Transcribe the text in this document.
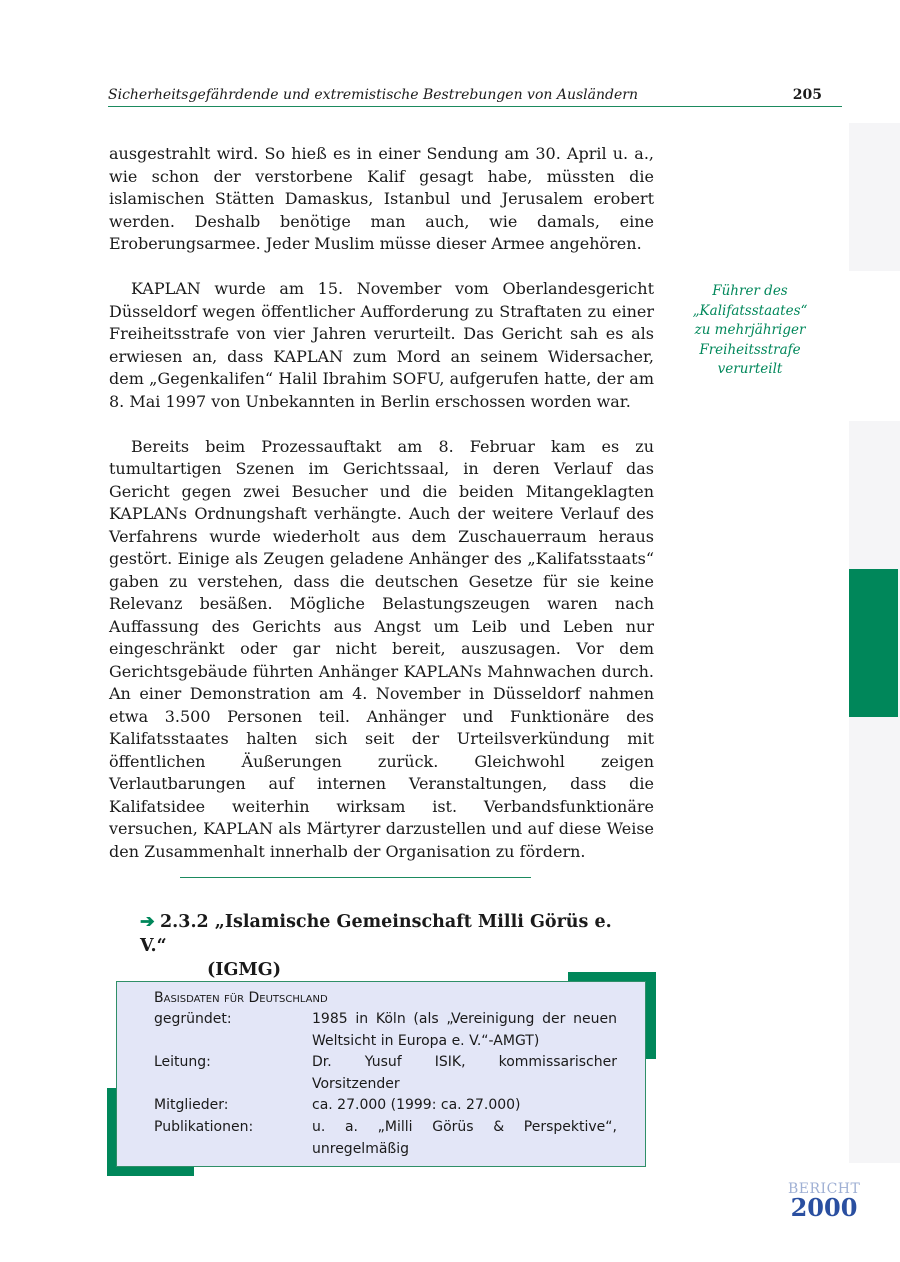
Sicherheitsgefährdende und extremistische Bestrebungen von Ausländern	205

ausgestrahlt wird. So hieß es in einer Sendung am 30. April u. a., wie schon der verstorbene Kalif gesagt habe, müssten die islamischen Stätten Damaskus, Istanbul und Jerusalem erobert werden. Deshalb benötige man auch, wie damals, eine Eroberungsarmee. Jeder Muslim müsse dieser Armee angehören.

KAPLAN wurde am 15. November vom Oberlandesgericht Düsseldorf wegen öffentlicher Aufforderung zu Straftaten zu einer Freiheitsstrafe von vier Jahren verurteilt. Das Gericht sah es als erwiesen an, dass KAPLAN zum Mord an seinem Widersacher, dem „Gegenkalifen“ Halil Ibrahim SOFU, aufgerufen hatte, der am 8. Mai 1997 von Unbekannten in Berlin erschossen worden war.

Bereits beim Prozessauftakt am 8. Februar kam es zu tumultartigen Szenen im Gerichtssaal, in deren Verlauf das Gericht gegen zwei Besucher und die beiden Mitangeklagten KAPLANs Ordnungshaft verhängte. Auch der weitere Verlauf des Verfahrens wurde wiederholt aus dem Zuschauerraum heraus gestört. Einige als Zeugen geladene Anhänger des „Kalifatsstaats“ gaben zu verstehen, dass die deutschen Gesetze für sie keine Relevanz besäßen. Mögliche Belastungszeugen waren nach Auffassung des Gerichts aus Angst um Leib und Leben nur eingeschränkt oder gar nicht bereit, auszusagen. Vor dem Gerichtsgebäude führten Anhänger KAPLANs Mahnwachen durch. An einer Demonstration am 4. November in Düsseldorf nahmen etwa 3.500 Personen teil. Anhänger und Funktionäre des Kalifatsstaates halten sich seit der Urteilsverkündung mit öffentlichen Äußerungen zurück. Gleichwohl zeigen Verlautbarungen auf internen Veranstaltungen, dass die Kalifatsidee weiterhin wirksam ist. Verbandsfunktionäre versuchen, KAPLAN als Märtyrer darzustellen und auf diese Weise den Zusammenhalt innerhalb der Organisation zu fördern.

Führer des
„Kalifatsstaates“
zu mehrjähriger
Freiheitsstrafe
verurteilt
➔ 2.3.2 „Islamische Gemeinschaft Milli Görüs e. V.“
(IGMG)
Basisdaten für Deutschland
gegründet:	1985 in Köln (als „Vereinigung der neuen Weltsicht in Europa e. V.“-AMGT)
Leitung:	Dr. Yusuf ISIK, kommissarischer Vorsitzender
Mitglieder:	ca. 27.000 (1999: ca. 27.000)
Publikationen:	u. a. „Milli Görüs & Perspektive“, unregelmäßig
BERICHT
2000
